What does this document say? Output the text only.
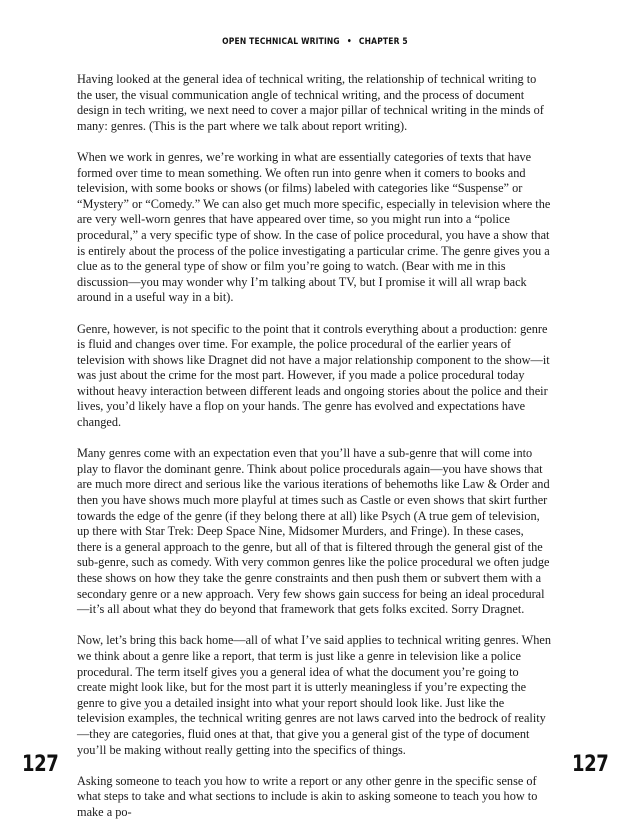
OPEN TECHNICAL WRITING • CHAPTER 5

Having looked at the general idea of technical writing, the relationship of technical writing to the user, the visual communication angle of technical writing, and the process of document design in tech writing, we next need to cover a major pillar of technical writing in the minds of many: genres. (This is the part where we talk about report writing).

When we work in genres, we’re working in what are essentially categories of texts that have formed over time to mean something. We often run into genre when it comers to books and television, with some books or shows (or films) labeled with categories like “Suspense” or “Mystery” or “Comedy.” We can also get much more specific, especially in television where the are very well-worn genres that have appeared over time, so you might run into a “police procedural,” a very specific type of show. In the case of police procedural, you have a show that is entirely about the process of the police investigating a particular crime. The genre gives you a clue as to the general type of show or film you’re going to watch. (Bear with me in this discussion—you may wonder why I’m talking about TV, but I promise it will all wrap back around in a useful way in a bit).

Genre, however, is not specific to the point that it controls everything about a production: genre is fluid and changes over time. For example, the police procedural of the earlier years of television with shows like Dragnet did not have a major relationship component to the show—it was just about the crime for the most part. However, if you made a police procedural today without heavy interaction between different leads and ongoing stories about the police and their lives, you’d likely have a flop on your hands. The genre has evolved and expectations have changed.

Many genres come with an expectation even that you’ll have a sub-genre that will come into play to flavor the dominant genre. Think about police procedurals again—you have shows that are much more direct and serious like the various iterations of behemoths like Law & Order and then you have shows much more playful at times such as Castle or even shows that skirt further towards the edge of the genre (if they belong there at all) like Psych (A true gem of television, up there with Star Trek: Deep Space Nine, Midsomer Murders, and Fringe). In these cases, there is a general approach to the genre, but all of that is filtered through the general gist of the sub-genre, such as comedy. With very common genres like the police procedural we often judge these shows on how they take the genre constraints and then push them or subvert them with a secondary genre or a new approach. Very few shows gain success for being an ideal procedural—it’s all about what they do beyond that framework that gets folks excited. Sorry Dragnet.

Now, let’s bring this back home—all of what I’ve said applies to technical writing genres. When we think about a genre like a report, that term is just like a genre in television like a police procedural. The term itself gives you a general idea of what the document you’re going to create might look like, but for the most part it is utterly meaningless if you’re expecting the genre to give you a detailed insight into what your report should look like. Just like the television examples, the technical writing genres are not laws carved into the bedrock of reality—they are categories, fluid ones at that, that give you a general gist of the type of document you’ll be making without really getting into the specifics of things.

Asking someone to teach you how to write a report or any other genre in the specific sense of what steps to take and what sections to include is akin to asking someone to teach you how to make a po-

127	127
